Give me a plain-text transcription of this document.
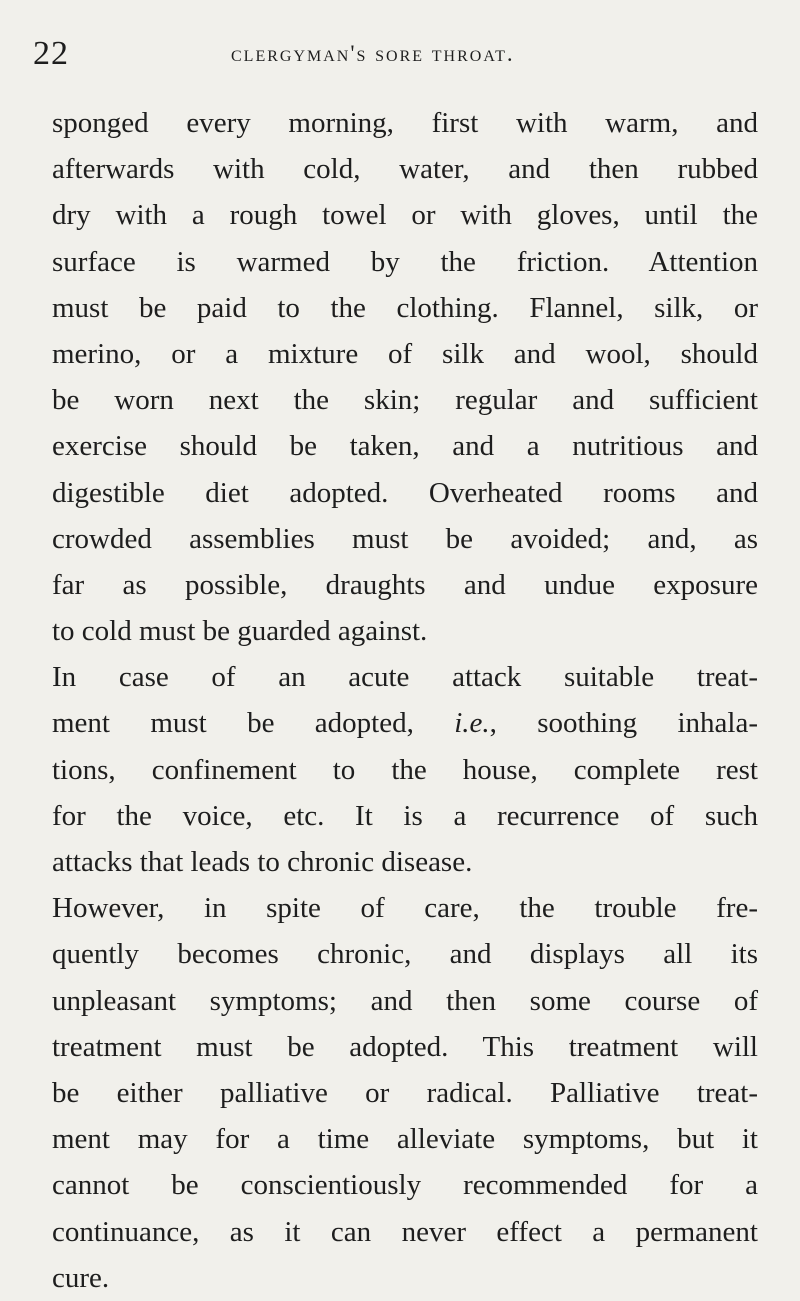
22	clergyman's sore throat.
sponged every morning, first with warm, and
afterwards with cold, water, and then rubbed
dry with a rough towel or with gloves, until the
surface is warmed by the friction. Attention
must be paid to the clothing. Flannel, silk, or
merino, or a mixture of silk and wool, should
be worn next the skin; regular and sufficient
exercise should be taken, and a nutritious and
digestible diet adopted. Overheated rooms and
crowded assemblies must be avoided; and, as
far as possible, draughts and undue exposure
to cold must be guarded against.
In case of an acute attack suitable treat-
ment must be adopted, i.e., soothing inhala-
tions, confinement to the house, complete rest
for the voice, etc. It is a recurrence of such
attacks that leads to chronic disease.
However, in spite of care, the trouble fre-
quently becomes chronic, and displays all its
unpleasant symptoms; and then some course of
treatment must be adopted. This treatment will
be either palliative or radical. Palliative treat-
ment may for a time alleviate symptoms, but it
cannot be conscientiously recommended for a
continuance, as it can never effect a permanent
cure.
